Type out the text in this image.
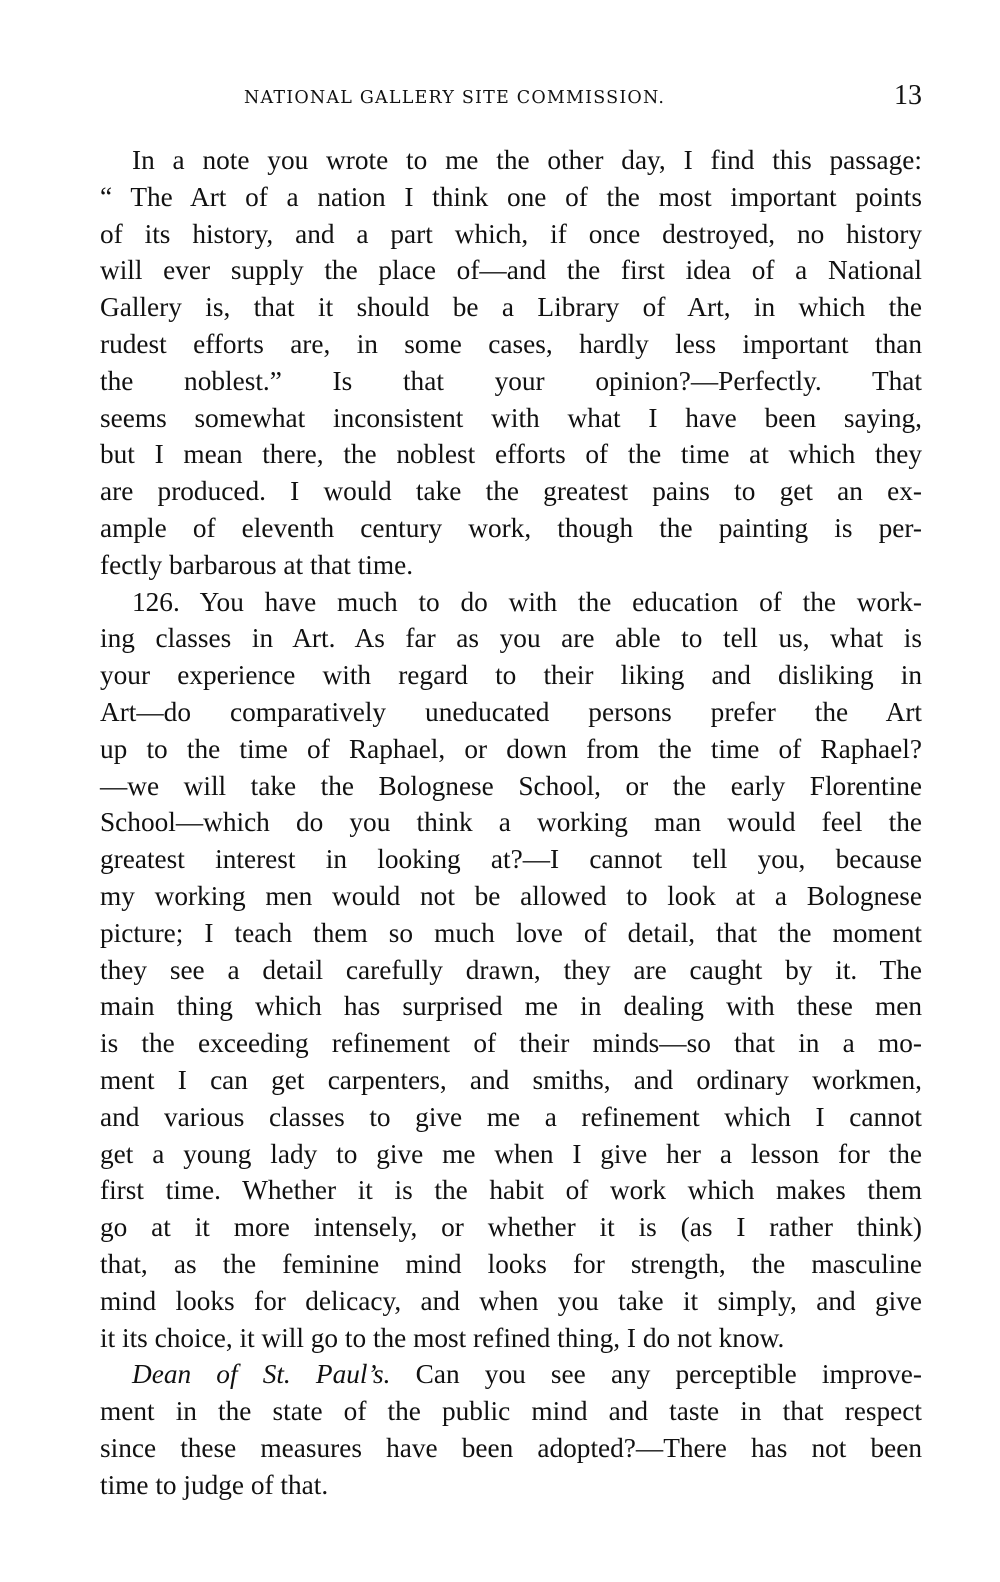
NATIONAL GALLERY SITE COMMISSION.	13
In a note you wrote to me the other day, I find this passage:
“ The Art of a nation I think one of the most important points
of its history, and a part which, if once destroyed, no history
will ever supply the place of—and the first idea of a National
Gallery is, that it should be a Library of Art, in which the
rudest efforts are, in some cases, hardly less important than
the noblest.” Is that your opinion?—Perfectly. That
seems somewhat inconsistent with what I have been saying,
but I mean there, the noblest efforts of the time at which they
are produced. I would take the greatest pains to get an ex-
ample of eleventh century work, though the painting is per-
fectly barbarous at that time.
126. You have much to do with the education of the work-
ing classes in Art. As far as you are able to tell us, what is
your experience with regard to their liking and disliking in
Art—do comparatively uneducated persons prefer the Art
up to the time of Raphael, or down from the time of Raphael?
—we will take the Bolognese School, or the early Florentine
School—which do you think a working man would feel the
greatest interest in looking at?—I cannot tell you, because
my working men would not be allowed to look at a Bolognese
picture; I teach them so much love of detail, that the moment
they see a detail carefully drawn, they are caught by it. The
main thing which has surprised me in dealing with these men
is the exceeding refinement of their minds—so that in a mo-
ment I can get carpenters, and smiths, and ordinary workmen,
and various classes to give me a refinement which I cannot
get a young lady to give me when I give her a lesson for the
first time. Whether it is the habit of work which makes them
go at it more intensely, or whether it is (as I rather think)
that, as the feminine mind looks for strength, the masculine
mind looks for delicacy, and when you take it simply, and give
it its choice, it will go to the most refined thing, I do not know.
Dean of St. Paul’s. Can you see any perceptible improve-
ment in the state of the public mind and taste in that respect
since these measures have been adopted?—There has not been
time to judge of that.
